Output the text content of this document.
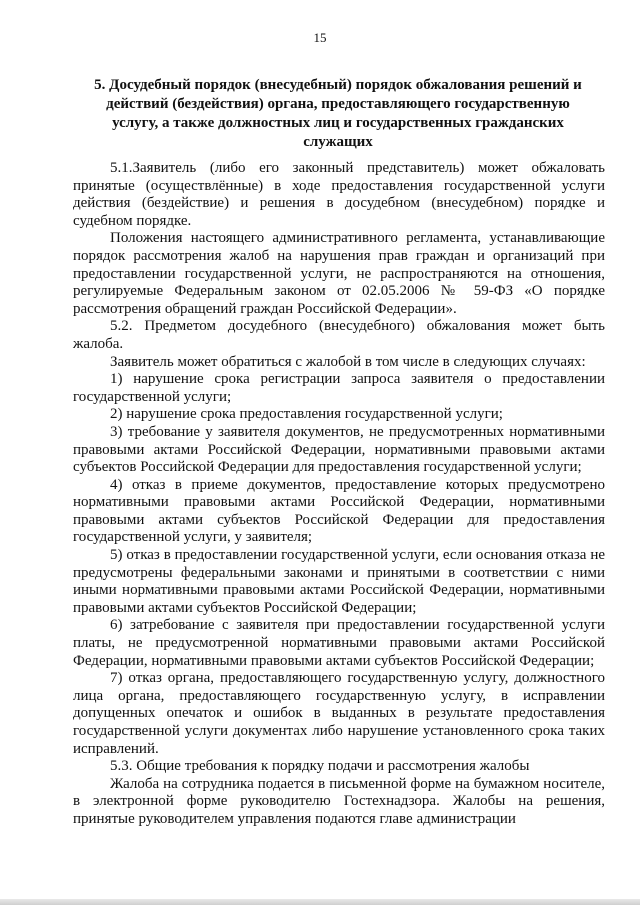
15
5. Досудебный порядок (внесудебный) порядок обжалования решений и действий (бездействия) органа, предоставляющего государственную услугу, а также должностных лиц и государственных гражданских служащих

5.1.Заявитель (либо его законный представитель) может обжаловать принятые (осуществлённые) в ходе предоставления государственной услуги действия (бездействие) и решения в досудебном (внесудебном) порядке и судебном порядке.

Положения настоящего административного регламента, устанавливающие порядок рассмотрения жалоб на нарушения прав граждан и организаций при предоставлении государственной услуги, не распространяются на отношения, регулируемые Федеральным законом от 02.05.2006 № 59-ФЗ «О порядке рассмотрения обращений граждан Российской Федерации».

5.2. Предметом досудебного (внесудебного) обжалования может быть жалоба.

Заявитель может обратиться с жалобой в том числе в следующих случаях:

1) нарушение срока регистрации запроса заявителя о предоставлении государственной услуги;

2) нарушение срока предоставления государственной услуги;

3) требование у заявителя документов, не предусмотренных нормативными правовыми актами Российской Федерации, нормативными правовыми актами субъектов Российской Федерации для предоставления государственной услуги;

4) отказ в приеме документов, предоставление которых предусмотрено нормативными правовыми актами Российской Федерации, нормативными правовыми актами субъектов Российской Федерации для предоставления государственной услуги, у заявителя;

5) отказ в предоставлении государственной услуги, если основания отказа не предусмотрены федеральными законами и принятыми в соответствии с ними иными нормативными правовыми актами Российской Федерации, нормативными правовыми актами субъектов Российской Федерации;

6) затребование с заявителя при предоставлении государственной услуги платы, не предусмотренной нормативными правовыми актами Российской Федерации, нормативными правовыми актами субъектов Российской Федерации;

7) отказ органа, предоставляющего государственную услугу, должностного лица органа, предоставляющего государственную услугу, в исправлении допущенных опечаток и ошибок в выданных в результате предоставления государственной услуги документах либо нарушение установленного срока таких исправлений.

5.3. Общие требования к порядку подачи и рассмотрения жалобы

Жалоба на сотрудника подается в письменной форме на бумажном носителе, в электронной форме руководителю Гостехнадзора. Жалобы на решения, принятые руководителем управления подаются главе администрации
